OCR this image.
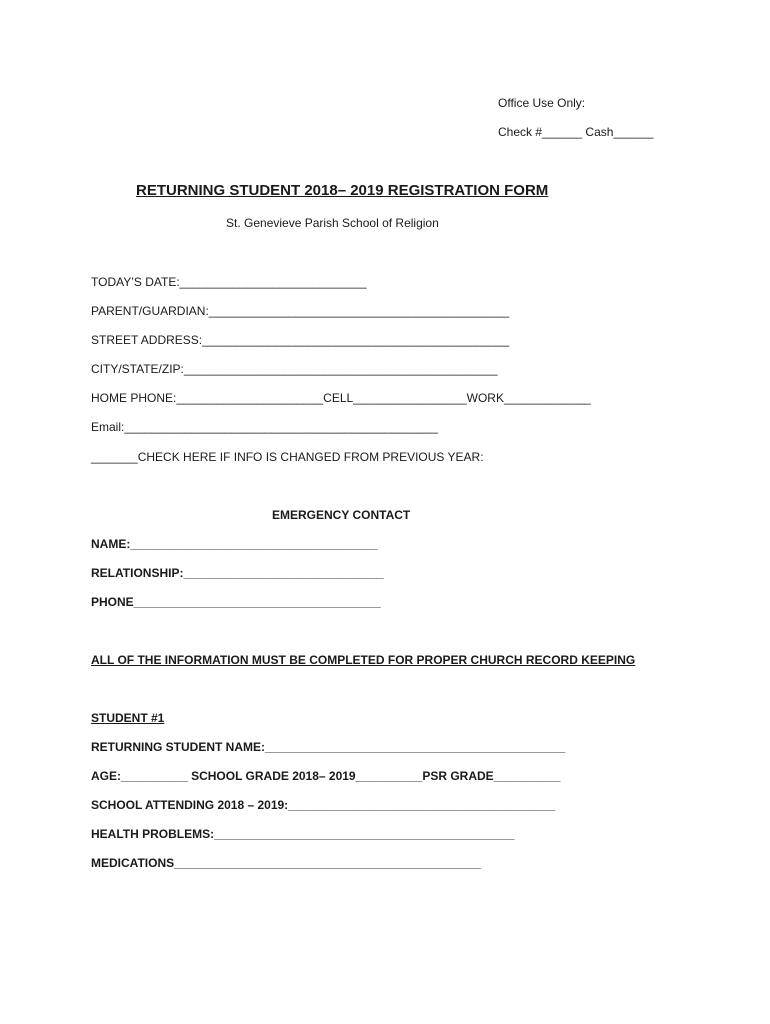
Office Use Only:
Check #______ Cash______
RETURNING STUDENT 2018– 2019 REGISTRATION FORM
St. Genevieve Parish School of Religion
TODAY’S DATE:____________________________
PARENT/GUARDIAN:_____________________________________________
STREET ADDRESS:______________________________________________
CITY/STATE/ZIP:_______________________________________________
HOME PHONE:______________________CELL_________________WORK_____________
Email:_______________________________________________
_______CHECK HERE IF INFO IS CHANGED FROM PREVIOUS YEAR:
EMERGENCY CONTACT
NAME:_____________________________________
RELATIONSHIP:______________________________
PHONE_____________________________________
ALL OF THE INFORMATION MUST BE COMPLETED FOR PROPER CHURCH RECORD KEEPING
STUDENT #1
RETURNING STUDENT NAME:_____________________________________________
AGE:__________ SCHOOL GRADE 2018– 2019__________PSR GRADE__________
SCHOOL ATTENDING 2018 – 2019:________________________________________
HEALTH PROBLEMS:_____________________________________________
MEDICATIONS______________________________________________
